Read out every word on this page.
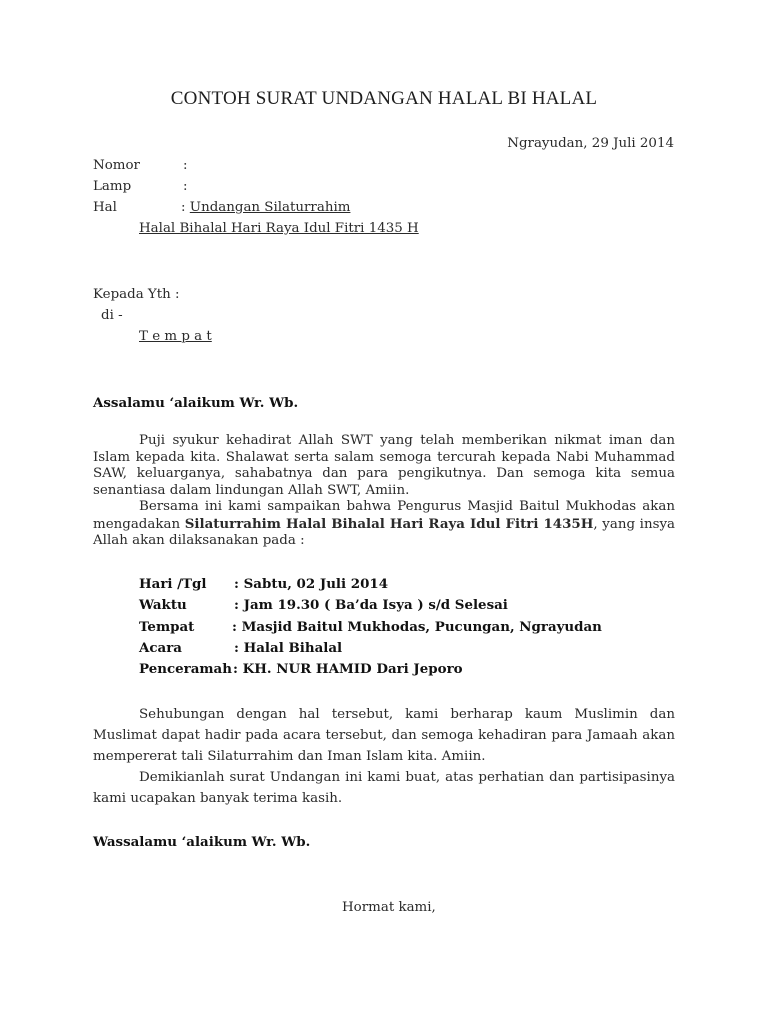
CONTOH SURAT UNDANGAN HALAL BI HALAL
Ngrayudan, 29 Juli 2014
Nomor	:
Lamp	:
Hal	: Undangan Silaturrahim
Halal Bihalal Hari Raya Idul Fitri 1435 H
Kepada Yth :
di -
T e m p a t
Assalamu ‘alaikum Wr. Wb.

Puji syukur kehadirat Allah SWT yang telah memberikan nikmat iman dan Islam kepada kita. Shalawat serta salam semoga tercurah kepada Nabi Muhammad SAW, keluarganya, sahabatnya dan para pengikutnya. Dan semoga kita semua senantiasa dalam lindungan Allah SWT, Amiin.

Bersama ini kami sampaikan bahwa Pengurus Masjid Baitul Mukhodas akan mengadakan Silaturrahim Halal Bihalal Hari Raya Idul Fitri 1435H, yang insya Allah akan dilaksanakan pada :

Hari /Tgl : Sabtu, 02 Juli 2014
Waktu	: Jam 19.30 ( Ba’da Isya ) s/d Selesai
Tempat	: Masjid Baitul Mukhodas, Pucungan, Ngrayudan
Acara	: Halal Bihalal
Penceramah : KH. NUR HAMID Dari Jeporo

Sehubungan dengan hal tersebut, kami berharap kaum Muslimin dan Muslimat dapat hadir pada acara tersebut, dan semoga kehadiran para Jamaah akan mempererat tali Silaturrahim dan Iman Islam kita. Amiin.

Demikianlah surat Undangan ini kami buat, atas perhatian dan partisipasinya kami ucapakan banyak terima kasih.

Wassalamu ‘alaikum Wr. Wb.
Hormat kami,
